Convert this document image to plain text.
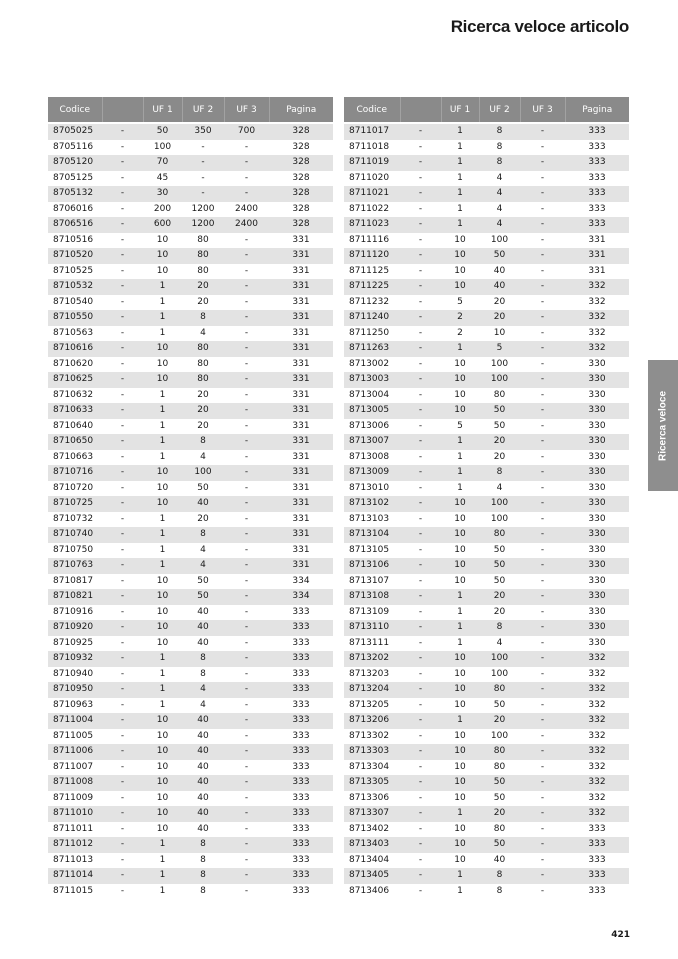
Ricerca veloce articolo
Ricerca veloce
Codice		UF 1	UF 2	UF 3	Pagina
8705025	-	50	350	700	328
8705116	-	100	-	-	328
8705120	-	70	-	-	328
8705125	-	45	-	-	328
8705132	-	30	-	-	328
8706016	-	200	1200	2400	328
8706516	-	600	1200	2400	328
8710516	-	10	80	-	331
8710520	-	10	80	-	331
8710525	-	10	80	-	331
8710532	-	1	20	-	331
8710540	-	1	20	-	331
8710550	-	1	8	-	331
8710563	-	1	4	-	331
8710616	-	10	80	-	331
8710620	-	10	80	-	331
8710625	-	10	80	-	331
8710632	-	1	20	-	331
8710633	-	1	20	-	331
8710640	-	1	20	-	331
8710650	-	1	8	-	331
8710663	-	1	4	-	331
8710716	-	10	100	-	331
8710720	-	10	50	-	331
8710725	-	10	40	-	331
8710732	-	1	20	-	331
8710740	-	1	8	-	331
8710750	-	1	4	-	331
8710763	-	1	4	-	331
8710817	-	10	50	-	334
8710821	-	10	50	-	334
8710916	-	10	40	-	333
8710920	-	10	40	-	333
8710925	-	10	40	-	333
8710932	-	1	8	-	333
8710940	-	1	8	-	333
8710950	-	1	4	-	333
8710963	-	1	4	-	333
8711004	-	10	40	-	333
8711005	-	10	40	-	333
8711006	-	10	40	-	333
8711007	-	10	40	-	333
8711008	-	10	40	-	333
8711009	-	10	40	-	333
8711010	-	10	40	-	333
8711011	-	10	40	-	333
8711012	-	1	8	-	333
8711013	-	1	8	-	333
8711014	-	1	8	-	333
8711015	-	1	8	-	333
Codice		UF 1	UF 2	UF 3	Pagina
8711017	-	1	8	-	333
8711018	-	1	8	-	333
8711019	-	1	8	-	333
8711020	-	1	4	-	333
8711021	-	1	4	-	333
8711022	-	1	4	-	333
8711023	-	1	4	-	333
8711116	-	10	100	-	331
8711120	-	10	50	-	331
8711125	-	10	40	-	331
8711225	-	10	40	-	332
8711232	-	5	20	-	332
8711240	-	2	20	-	332
8711250	-	2	10	-	332
8711263	-	1	5	-	332
8713002	-	10	100	-	330
8713003	-	10	100	-	330
8713004	-	10	80	-	330
8713005	-	10	50	-	330
8713006	-	5	50	-	330
8713007	-	1	20	-	330
8713008	-	1	20	-	330
8713009	-	1	8	-	330
8713010	-	1	4	-	330
8713102	-	10	100	-	330
8713103	-	10	100	-	330
8713104	-	10	80	-	330
8713105	-	10	50	-	330
8713106	-	10	50	-	330
8713107	-	10	50	-	330
8713108	-	1	20	-	330
8713109	-	1	20	-	330
8713110	-	1	8	-	330
8713111	-	1	4	-	330
8713202	-	10	100	-	332
8713203	-	10	100	-	332
8713204	-	10	80	-	332
8713205	-	10	50	-	332
8713206	-	1	20	-	332
8713302	-	10	100	-	332
8713303	-	10	80	-	332
8713304	-	10	80	-	332
8713305	-	10	50	-	332
8713306	-	10	50	-	332
8713307	-	1	20	-	332
8713402	-	10	80	-	333
8713403	-	10	50	-	333
8713404	-	10	40	-	333
8713405	-	1	8	-	333
8713406	-	1	8	-	333
421
